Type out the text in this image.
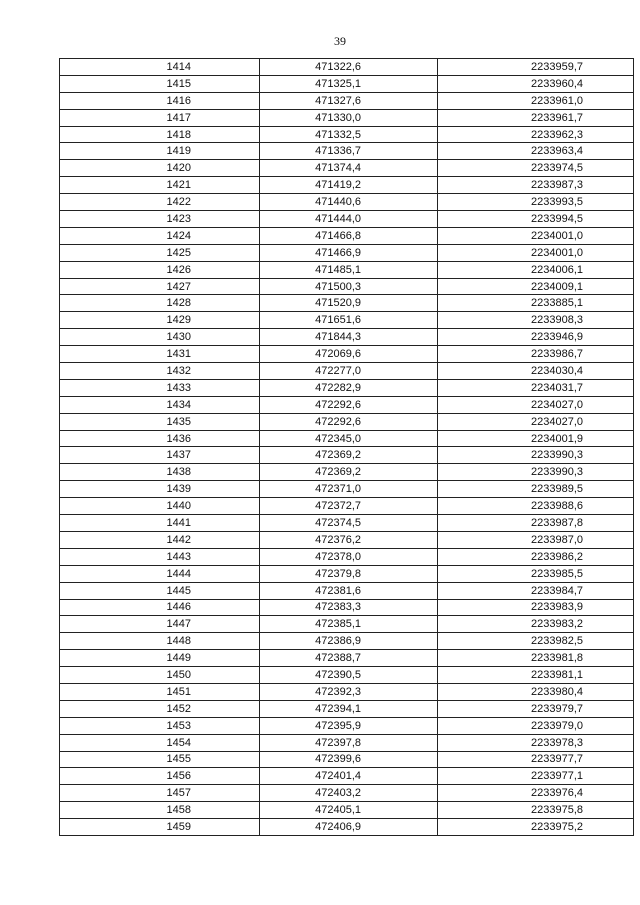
39
1414	471322,6	2233959,7
1415	471325,1	2233960,4
1416	471327,6	2233961,0
1417	471330,0	2233961,7
1418	471332,5	2233962,3
1419	471336,7	2233963,4
1420	471374,4	2233974,5
1421	471419,2	2233987,3
1422	471440,6	2233993,5
1423	471444,0	2233994,5
1424	471466,8	2234001,0
1425	471466,9	2234001,0
1426	471485,1	2234006,1
1427	471500,3	2234009,1
1428	471520,9	2233885,1
1429	471651,6	2233908,3
1430	471844,3	2233946,9
1431	472069,6	2233986,7
1432	472277,0	2234030,4
1433	472282,9	2234031,7
1434	472292,6	2234027,0
1435	472292,6	2234027,0
1436	472345,0	2234001,9
1437	472369,2	2233990,3
1438	472369,2	2233990,3
1439	472371,0	2233989,5
1440	472372,7	2233988,6
1441	472374,5	2233987,8
1442	472376,2	2233987,0
1443	472378,0	2233986,2
1444	472379,8	2233985,5
1445	472381,6	2233984,7
1446	472383,3	2233983,9
1447	472385,1	2233983,2
1448	472386,9	2233982,5
1449	472388,7	2233981,8
1450	472390,5	2233981,1
1451	472392,3	2233980,4
1452	472394,1	2233979,7
1453	472395,9	2233979,0
1454	472397,8	2233978,3
1455	472399,6	2233977,7
1456	472401,4	2233977,1
1457	472403,2	2233976,4
1458	472405,1	2233975,8
1459	472406,9	2233975,2
